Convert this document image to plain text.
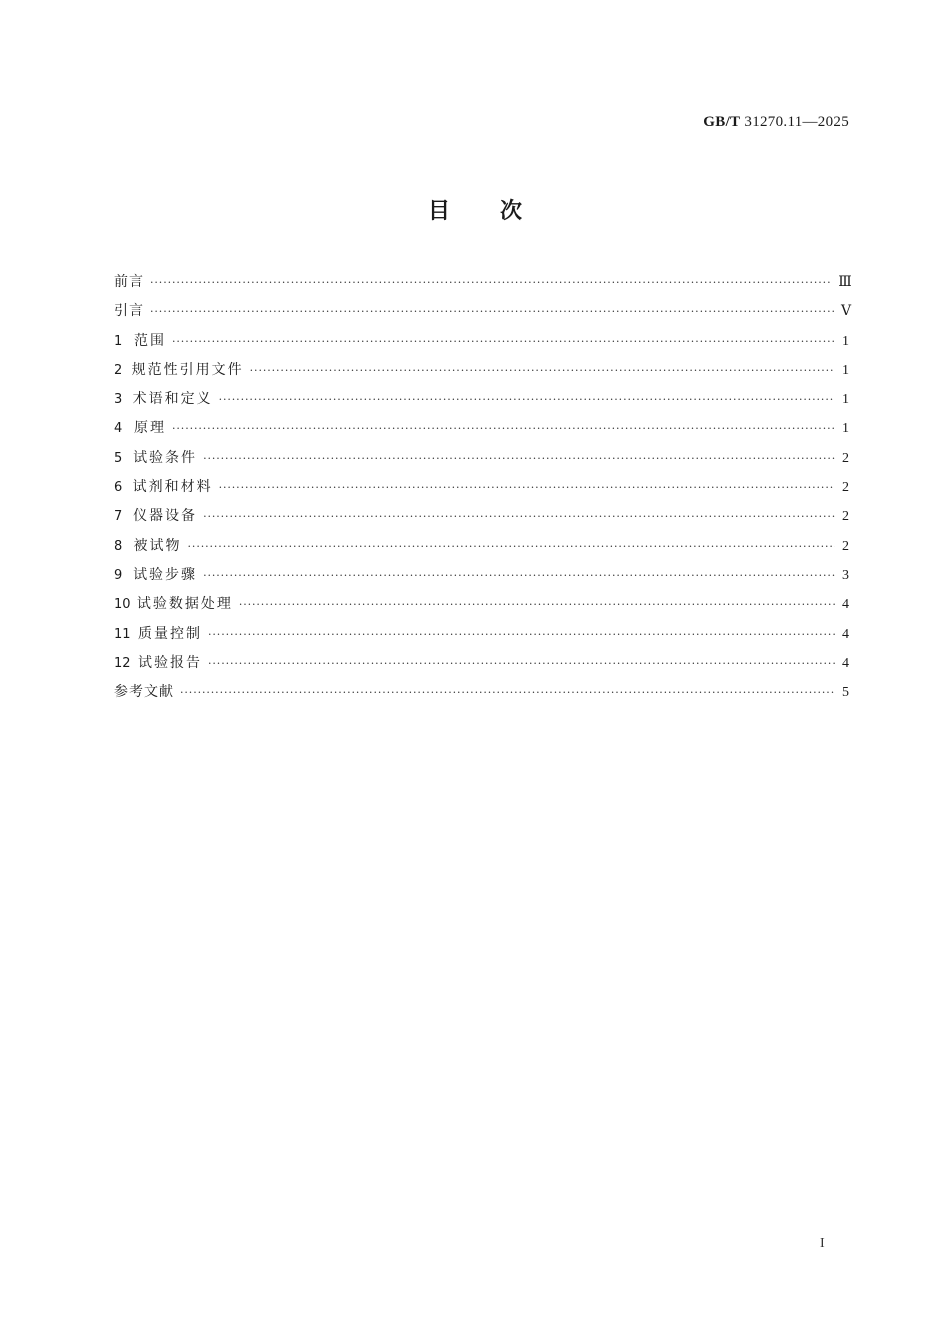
GB/T 31270.11—2025
目次
前言 ·····	Ⅲ
引言 ·····	Ⅴ
1 范围 ·····	1
2 规范性引用文件 ·····	1
3 术语和定义 ·····	1
4 原理 ·····	1
5 试验条件 ·····	2
6 试剂和材料 ·····	2
7 仪器设备 ·····	2
8 被试物 ·····	2
9 试验步骤 ·····	3
10 试验数据处理 ·····	4
11 质量控制 ·····	4
12 试验报告 ·····	4
参考文献 ·····	5
I
